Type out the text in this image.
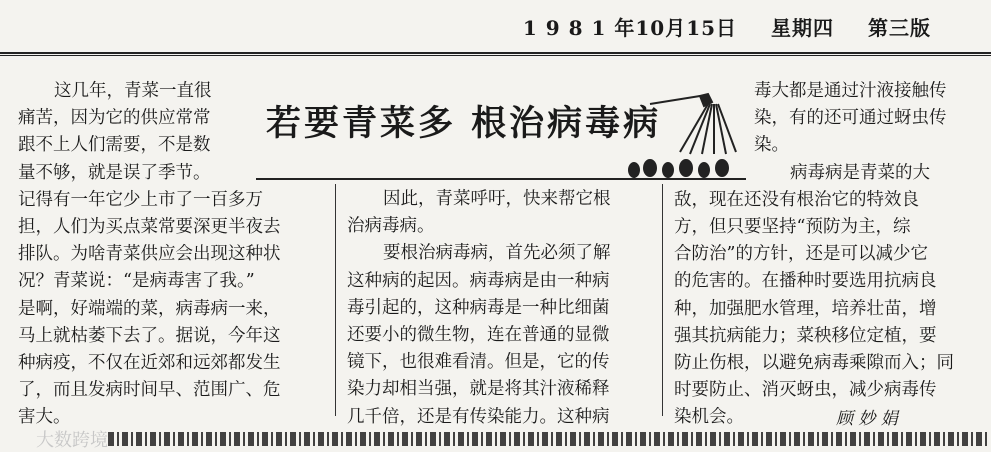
1 9 8 1 年10月15日 星期四 第三版
这几年，青菜一直很
痛苦，因为它的供应常常
跟不上人们需要，不是数
量不够，就是误了季节。
记得有一年它少上市了一百多万
担，人们为买点菜常要深更半夜去
排队。为啥青菜供应会出现这种状
况？青菜说：“是病毒害了我。”
是啊，好端端的菜，病毒病一来，
马上就枯萎下去了。据说，今年这
种病疫，不仅在近郊和远郊都发生
了，而且发病时间早、范围广、危
害大。
若要青菜多 根治病毒病
因此，青菜呼吁，快来帮它根
治病毒病。
要根治病毒病，首先必须了解
这种病的起因。病毒病是由一种病
毒引起的，这种病毒是一种比细菌
还要小的微生物，连在普通的显微
镜下，也很难看清。但是，它的传
染力却相当强，就是将其汁液稀释
几千倍，还是有传染能力。这种病
毒大都是通过汁液接触传
染，有的还可通过蚜虫传
染。
病毒病是青菜的大
敌，现在还没有根治它的特效良
方，但只要坚持“预防为主，综
合防治”的方针，还是可以减少它
的危害的。在播种时要选用抗病良
种，加强肥水管理，培养壮苗，增
强其抗病能力；菜秧移位定植，要
防止伤根，以避免病毒乘隙而入；同
时要防止、消灭蚜虫，减少病毒传
染机会。	顾 妙 娟
大数跨境
